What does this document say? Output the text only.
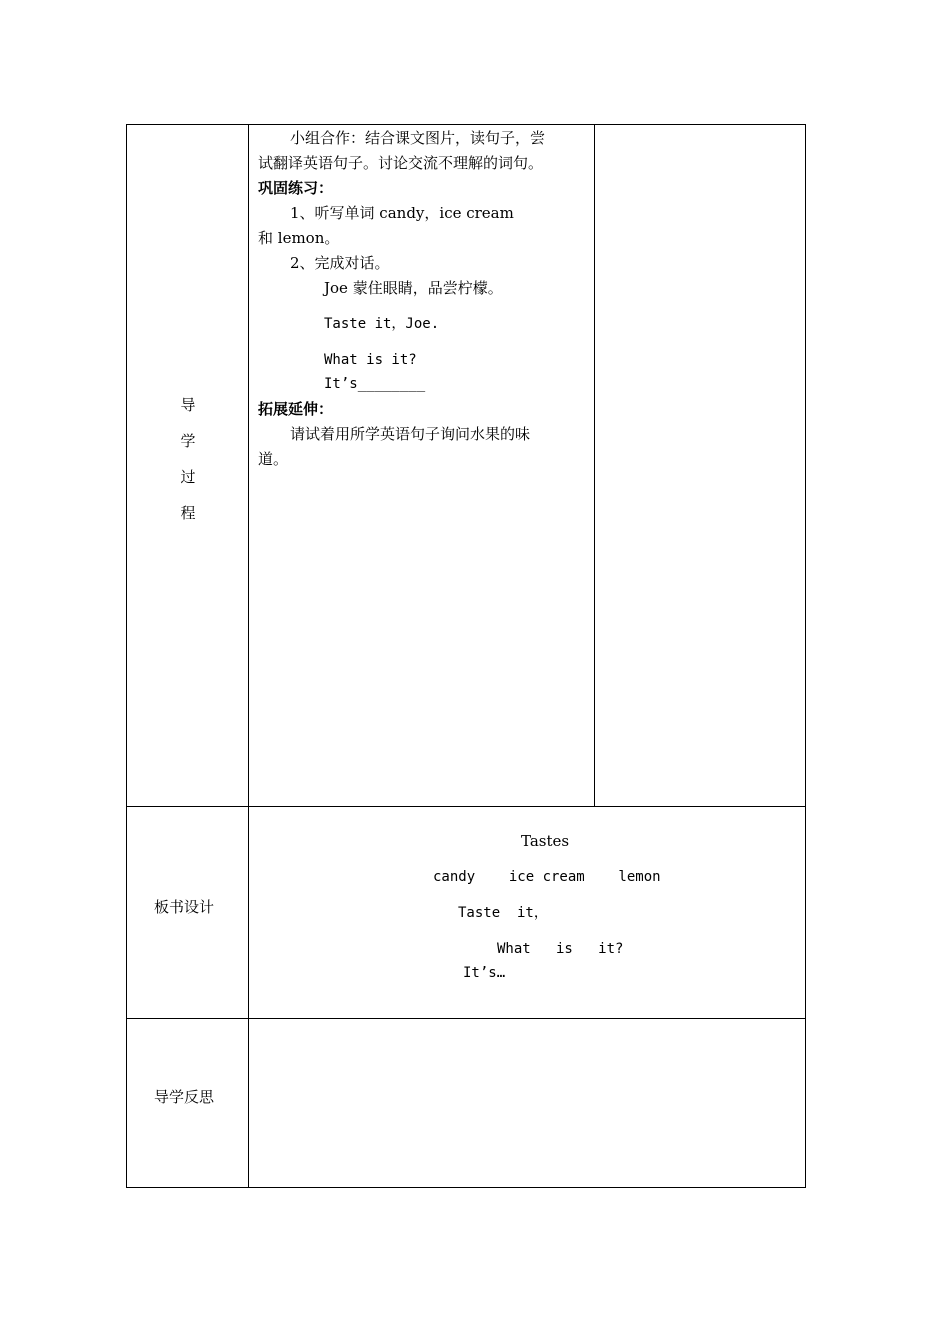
导
学
过
程
小组合作：结合课文图片，读句子，尝
试翻译英语句子。讨论交流不理解的词句。
巩固练习：
1、听写单词 candy，ice cream
和 lemon。
2、完成对话。
Joe 蒙住眼睛，品尝柠檬。
Taste it，Joe.
What is it?
It’s________
拓展延伸：
请试着用所学英语句子询问水果的味
道。
板书设计
Tastes
candy    ice cream    lemon
Taste  it，
What   is   it?
It’s…
导学反思
